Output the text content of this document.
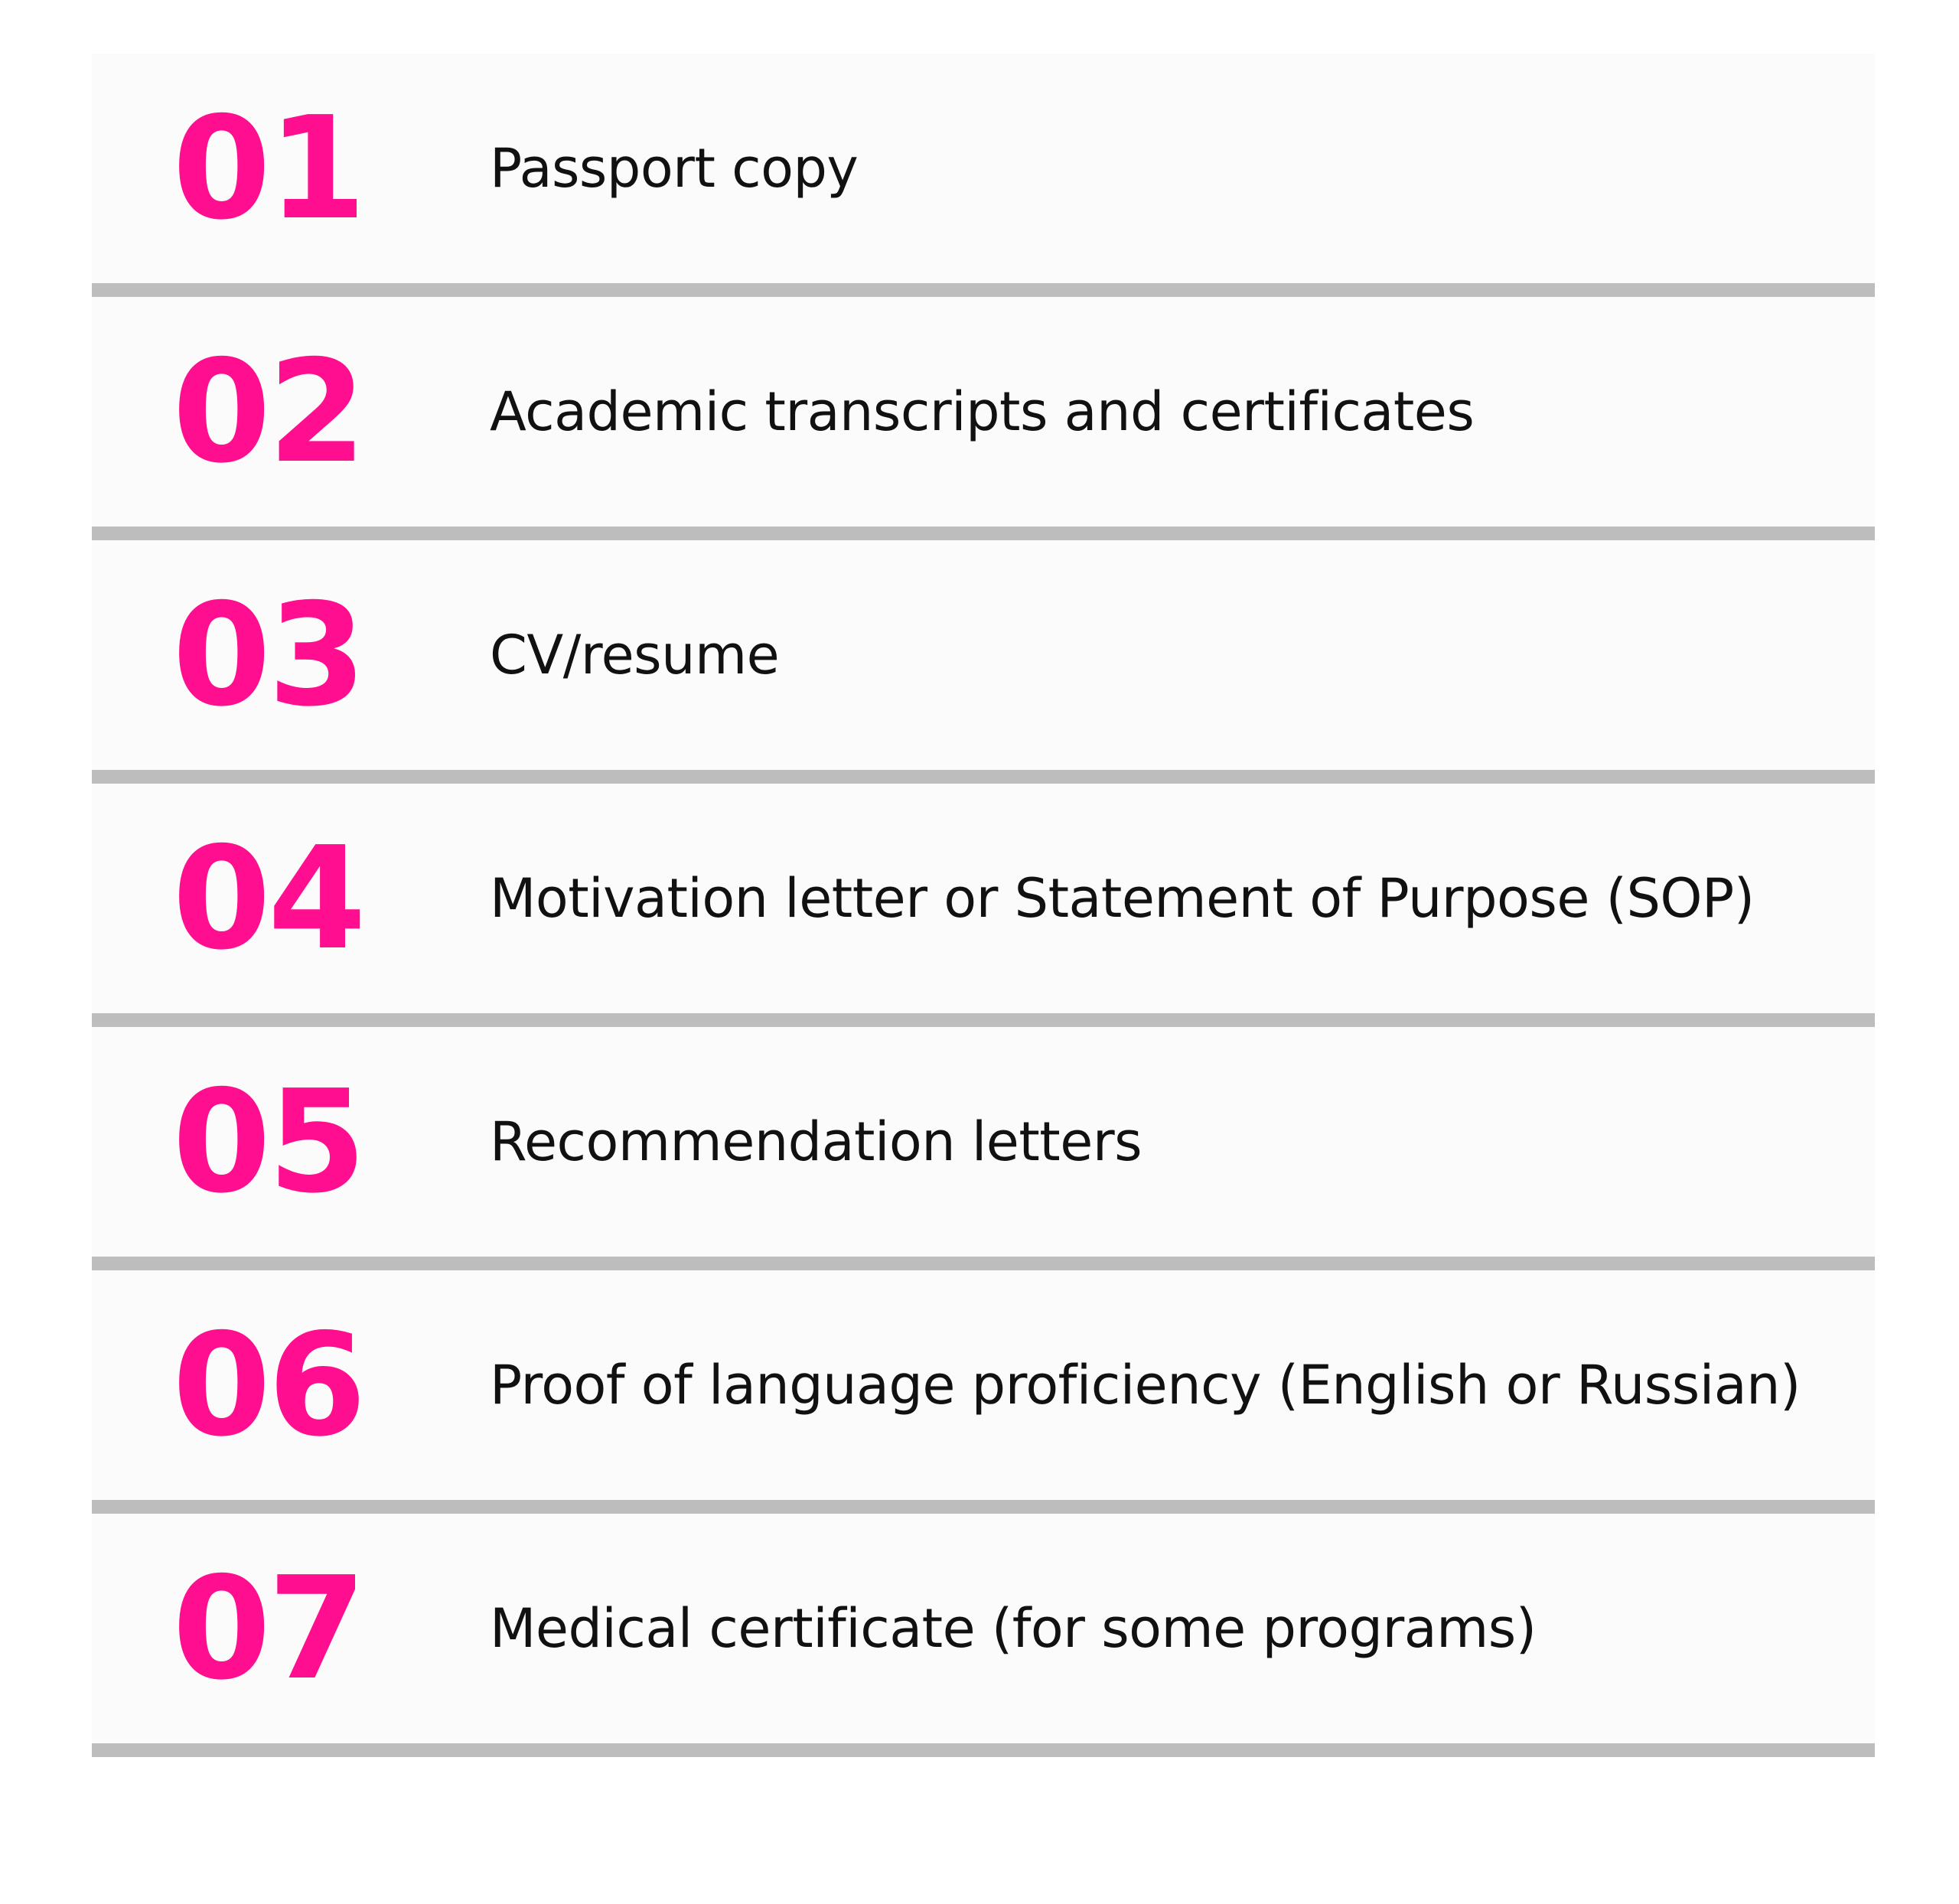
01	Passport copy
02	Academic transcripts and certificates
03	CV/resume
04	Motivation letter or Statement of Purpose (SOP)
05	Recommendation letters
06	Proof of language proficiency (English or Russian)
07	Medical certificate (for some programs)
